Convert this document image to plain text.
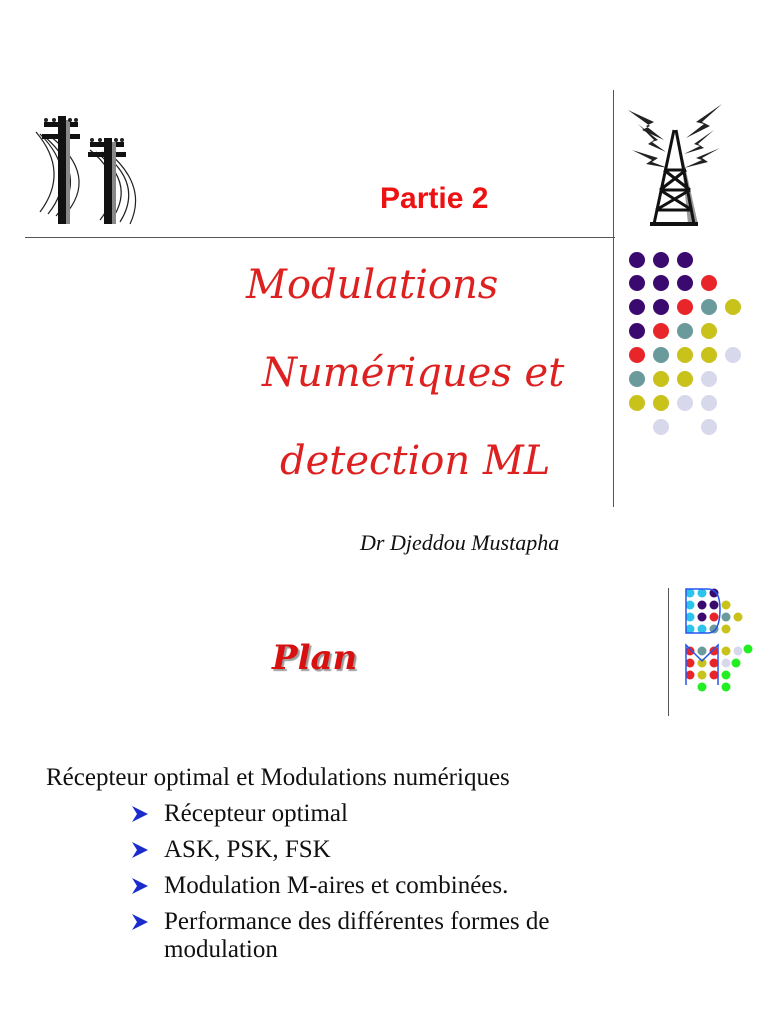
Partie 2
Modulations
Numériques et
detection ML
Dr Djeddou Mustapha
Plan
Récepteur optimal et Modulations numériques
Récepteur optimal
ASK, PSK, FSK
Modulation M-aires et combinées.
Performance des différentes formes de modulation
